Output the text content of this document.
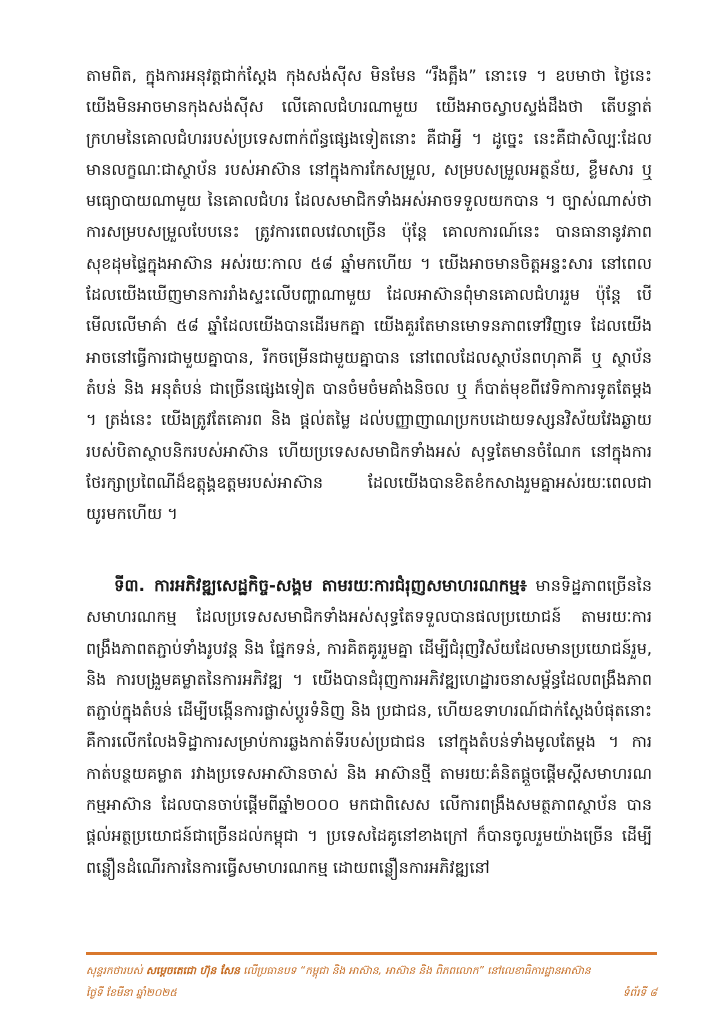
តាមពិត, ក្នុងការអនុវត្តជាក់ស្តែង កុងសង់ស៊ីស មិនមែន “រឹងត្អឹង” នោះទេ ។ ឧបមាថា ថ្ងៃនេះ យើងមិនអាចមានកុងសង់ស៊ីស លើគោលជំហរណាមួយ យើងអាចស្វាបស្ទង់ដឹងថា តើបន្ទាត់ក្រហមនៃគោលជំហររបស់ប្រទេសពាក់ព័ន្ធផ្សេងទៀតនោះ គឺជាអ្វី ។ ដូច្នេះ នេះគឺជាសិល្បៈដែលមានលក្ខណៈជាស្ថាប័ន របស់អាស៊ាន នៅក្នុងការកែសម្រួល, សម្របសម្រួលអត្ថន័យ, ខ្លឹមសារ ឬមធ្យោបាយណាមួយ នៃគោលជំហរ ដែលសមាជិកទាំងអស់អាចទទួលយកបាន ។ ច្បាស់ណាស់ថា ការសម្របសម្រួលបែបនេះ ត្រូវការពេលវេលាច្រើន ប៉ុន្តែ គោលការណ៍នេះ បានធានានូវភាពសុខដុមផ្ទៃក្នុងអាស៊ាន អស់រយៈកាល ៥៨ ឆ្នាំមកហើយ ។ យើងអាចមានចិត្តអន្ទះសារ នៅពេលដែលយើងឃើញមានការរាំងស្ទះលើបញ្ហាណាមួយ ដែលអាស៊ានពុំមានគោលជំហររួម ប៉ុន្តែ បើមើលលើមាគ៌ា ៥៨ ឆ្នាំដែលយើងបានដើរមកគ្នា យើងគួរតែមានមោទនភាពទៅវិញទេ ដែលយើងអាចនៅធ្វើការជាមួយគ្នាបាន, រីកចម្រើនជាមួយគ្នាបាន នៅពេលដែលស្ថាប័នពហុភាគី ឬ ស្ថាប័នតំបន់ និង អនុតំបន់ ជាច្រើនផ្សេងទៀត បានចំមចំមគាំងនិចល ឬ ក៏បាត់មុខពីវេទិកាការទូតតែម្តង ។ ត្រង់នេះ យើងត្រូវតែគោរព និង ផ្តល់តម្លៃ ដល់បញ្ញាញាណប្រកបដោយទស្សនវិស័យវែងឆ្ងាយរបស់បិតាស្ថាបនិករបស់អាស៊ាន ហើយប្រទេសសមាជិកទាំងអស់ សុទ្ធតែមានចំណែក នៅក្នុងការថែរក្សាប្រពៃណីដ៏ឧត្តុង្គឧត្តមរបស់អាស៊ាន ដែលយើងបានខិតខំកសាងរួមគ្នាអស់រយៈពេលជាយូរមកហើយ ។

ទី៣. ការអភិវឌ្ឍសេដ្ឋកិច្ច-សង្គម តាមរយៈការជំរុញសមាហរណកម្ម៖ មានទិដ្ឋភាពច្រើននៃសមាហរណកម្ម ដែលប្រទេសសមាជិកទាំងអស់សុទ្ធតែទទួលបានផលប្រយោជន៍ តាមរយៈការពង្រឹងភាពតភ្ជាប់ទាំងរូបវន្ត និង ផ្នែកទន់, ការគិតគូររួមគ្នា ដើម្បីជំរុញវិស័យដែលមានប្រយោជន៍រួម, និង ការបង្រួមគម្លាតនៃការអភិវឌ្ឍ ។ យើងបានជំរុញការអភិវឌ្ឍហេដ្ឋារចនាសម្ព័ន្ធដែលពង្រឹងភាពតភ្ជាប់ក្នុងតំបន់ ដើម្បីបង្កើនការផ្លាស់ប្តូរទំនិញ និង ប្រជាជន, ហើយឧទាហរណ៍ជាក់ស្តែងបំផុតនោះ គឺការលើកលែងទិដ្ឋាការសម្រាប់ការឆ្លងកាត់ទីរបស់ប្រជាជន នៅក្នុងតំបន់ទាំងមូលតែម្តង ។ ការកាត់បន្ថយគម្លាត រវាងប្រទេសអាស៊ានចាស់ និង អាស៊ានថ្មី តាមរយៈគំនិតផ្តួចផ្តើមស្តីសមាហរណកម្មអាស៊ាន ដែលបានចាប់ផ្តើមពីឆ្នាំ២០០០ មកជាពិសេស លើការពង្រឹងសមត្ថភាពស្ថាប័ន បានផ្តល់អត្ថប្រយោជន៍ជាច្រើនដល់កម្ពុជា ។ ប្រទេសដៃគូនៅខាងក្រៅ ក៏បានចូលរួមយ៉ាងច្រើន ដើម្បីពន្លឿនដំណើរការនៃការធ្វើសមាហរណកម្ម ដោយពន្លឿនការអភិវឌ្ឍនៅ

សុន្ទរកថារបស់ សម្តេចតេជោ ហ៊ុន សែន លើប្រធានបទ “កម្ពុជា និង អាស៊ាន, អាស៊ាន និង ពិភពលោក” នៅលេខាធិការដ្ឋានអាស៊ាន
ថ្ងៃទី ខែមីនា ឆ្នាំ២០២៥	ទំព័រទី ៨
